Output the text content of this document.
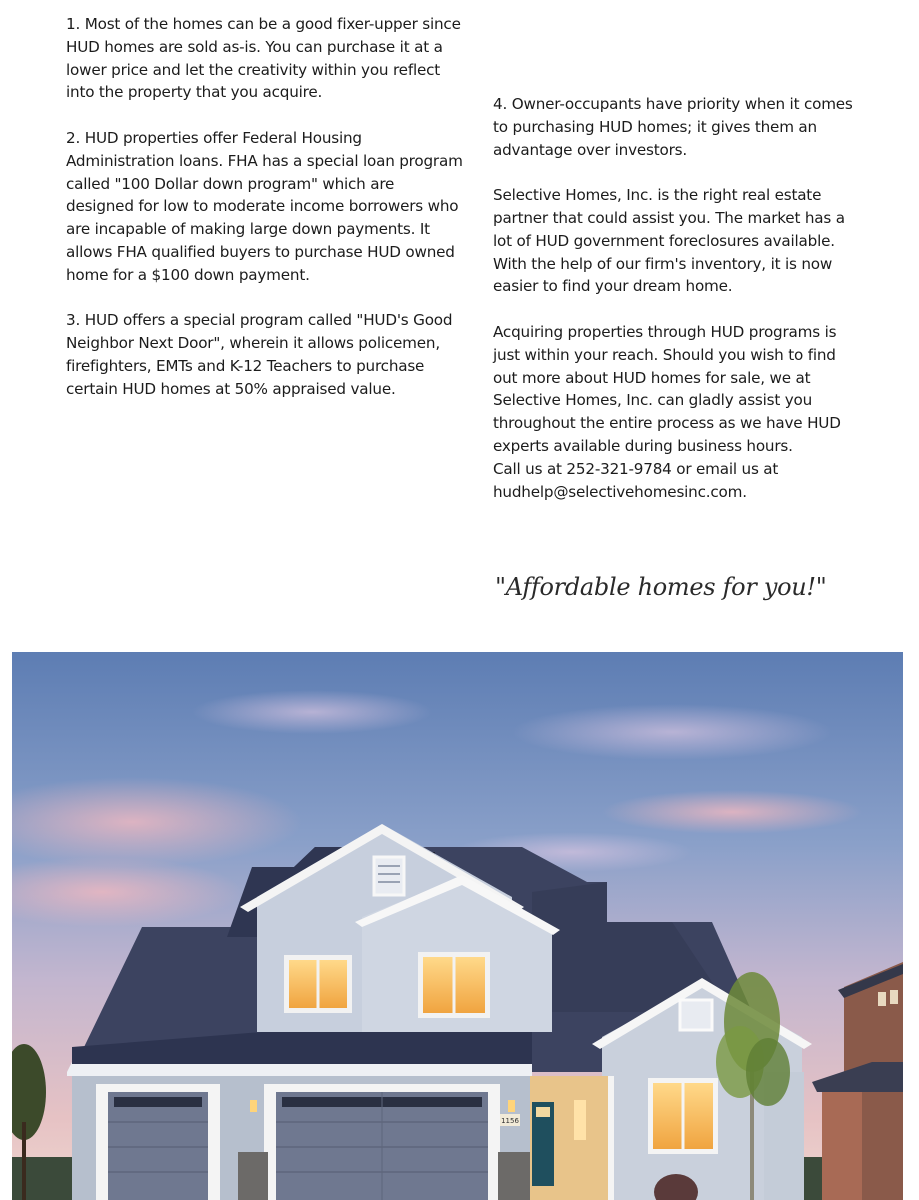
1. Most of the homes can be a good fixer-upper since HUD homes are sold as-is. You can purchase it at a lower price and let the creativity within you reflect into the property that you acquire.

2. HUD properties offer Federal Housing Administration loans. FHA has a special loan program called "100 Dollar down program" which are designed for low to moderate income borrowers who are incapable of making large down payments. It allows FHA qualified buyers to purchase HUD owned home for a $100 down payment.

3. HUD offers a special program called "HUD's Good Neighbor Next Door", wherein it allows policemen, firefighters, EMTs and K-12 Teachers to purchase certain HUD homes at 50% appraised value.

4. Owner-occupants have priority when it comes to purchasing HUD homes; it gives them an advantage over investors.

Selective Homes, Inc. is the right real estate partner that could assist you. The market has a lot of HUD government foreclosures available. With the help of our firm's inventory, it is now easier to find your dream home.

Acquiring properties through HUD programs is just within your reach. Should you wish to find out more about HUD homes for sale, we at Selective Homes, Inc. can gladly assist you throughout the entire process as we have HUD experts available during business hours.

Call us at 252-321-9784 or email us at hudhelp@selectivehomesinc.com.

"Affordable homes for you!"
1156
